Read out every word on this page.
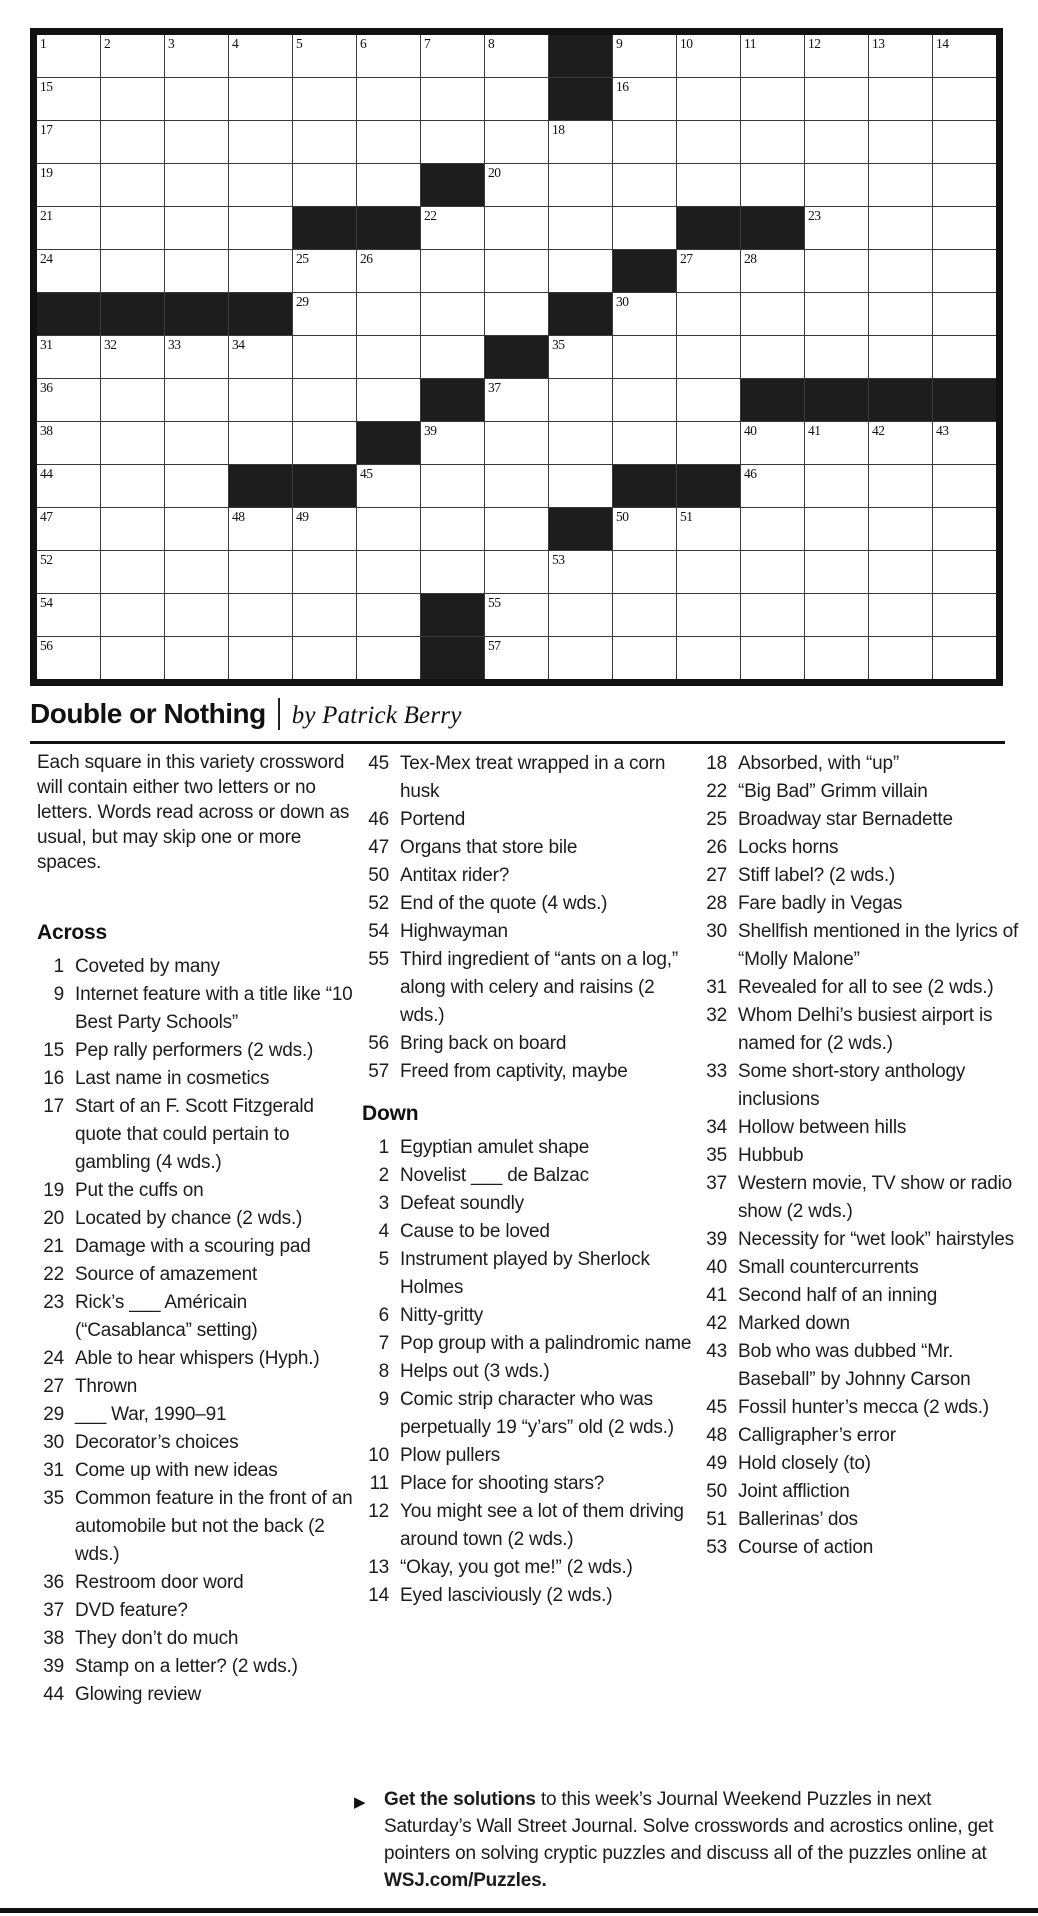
1	2	3	4	5	6	7	8	9	10	11	12	13	14
15	16
17	18
19	20
21	22	23
24	25	26	27	28
29	30
31	32	33	34	35
36	37
38	39	40	41	42	43
44	45	46
47	48	49	50	51
52	53
54	55
56	57
Double or Nothing by Patrick Berry
Each square in this variety crossword will contain either two letters or no letters. Words read across or down as usual, but may skip one or more spaces.
Across
1 Coveted by many
9 Internet feature with a title like “10 Best Party Schools”
15 Pep rally performers (2 wds.)
16 Last name in cosmetics
17 Start of an F. Scott Fitzgerald quote that could pertain to gambling (4 wds.)
19 Put the cuffs on
20 Located by chance (2 wds.)
21 Damage with a scouring pad
22 Source of amazement
23 Rick’s ___ Américain (“Casablanca” setting)
24 Able to hear whispers (Hyph.)
27 Thrown
29 ___ War, 1990–91
30 Decorator’s choices
31 Come up with new ideas
35 Common feature in the front of an automobile but not the back (2 wds.)
36 Restroom door word
37 DVD feature?
38 They don’t do much
39 Stamp on a letter? (2 wds.)
44 Glowing review
45 Tex-Mex treat wrapped in a corn husk
46 Portend
47 Organs that store bile
50 Antitax rider?
52 End of the quote (4 wds.)
54 Highwayman
55 Third ingredient of “ants on a log,” along with celery and raisins (2 wds.)
56 Bring back on board
57 Freed from captivity, maybe
Down
1 Egyptian amulet shape
2 Novelist ___ de Balzac
3 Defeat soundly
4 Cause to be loved
5 Instrument played by Sherlock Holmes
6 Nitty-gritty
7 Pop group with a palindromic name
8 Helps out (3 wds.)
9 Comic strip character who was perpetually 19 “y’ars” old (2 wds.)
10 Plow pullers
11 Place for shooting stars?
12 You might see a lot of them driving around town (2 wds.)
13 “Okay, you got me!” (2 wds.)
14 Eyed lasciviously (2 wds.)
18 Absorbed, with “up”
22 “Big Bad” Grimm villain
25 Broadway star Bernadette
26 Locks horns
27 Stiff label? (2 wds.)
28 Fare badly in Vegas
30 Shellfish mentioned in the lyrics of “Molly Malone”
31 Revealed for all to see (2 wds.)
32 Whom Delhi’s busiest airport is named for (2 wds.)
33 Some short-story anthology inclusions
34 Hollow between hills
35 Hubbub
37 Western movie, TV show or radio show (2 wds.)
39 Necessity for “wet look” hairstyles
40 Small countercurrents
41 Second half of an inning
42 Marked down
43 Bob who was dubbed “Mr. Baseball” by Johnny Carson
45 Fossil hunter’s mecca (2 wds.)
48 Calligrapher’s error
49 Hold closely (to)
50 Joint affliction
51 Ballerinas’ dos
53 Course of action
▶ Get the solutions to this week’s Journal Weekend Puzzles in next Saturday’s Wall Street Journal. Solve crosswords and acrostics online, get pointers on solving cryptic puzzles and discuss all of the puzzles online at WSJ.com/Puzzles.
